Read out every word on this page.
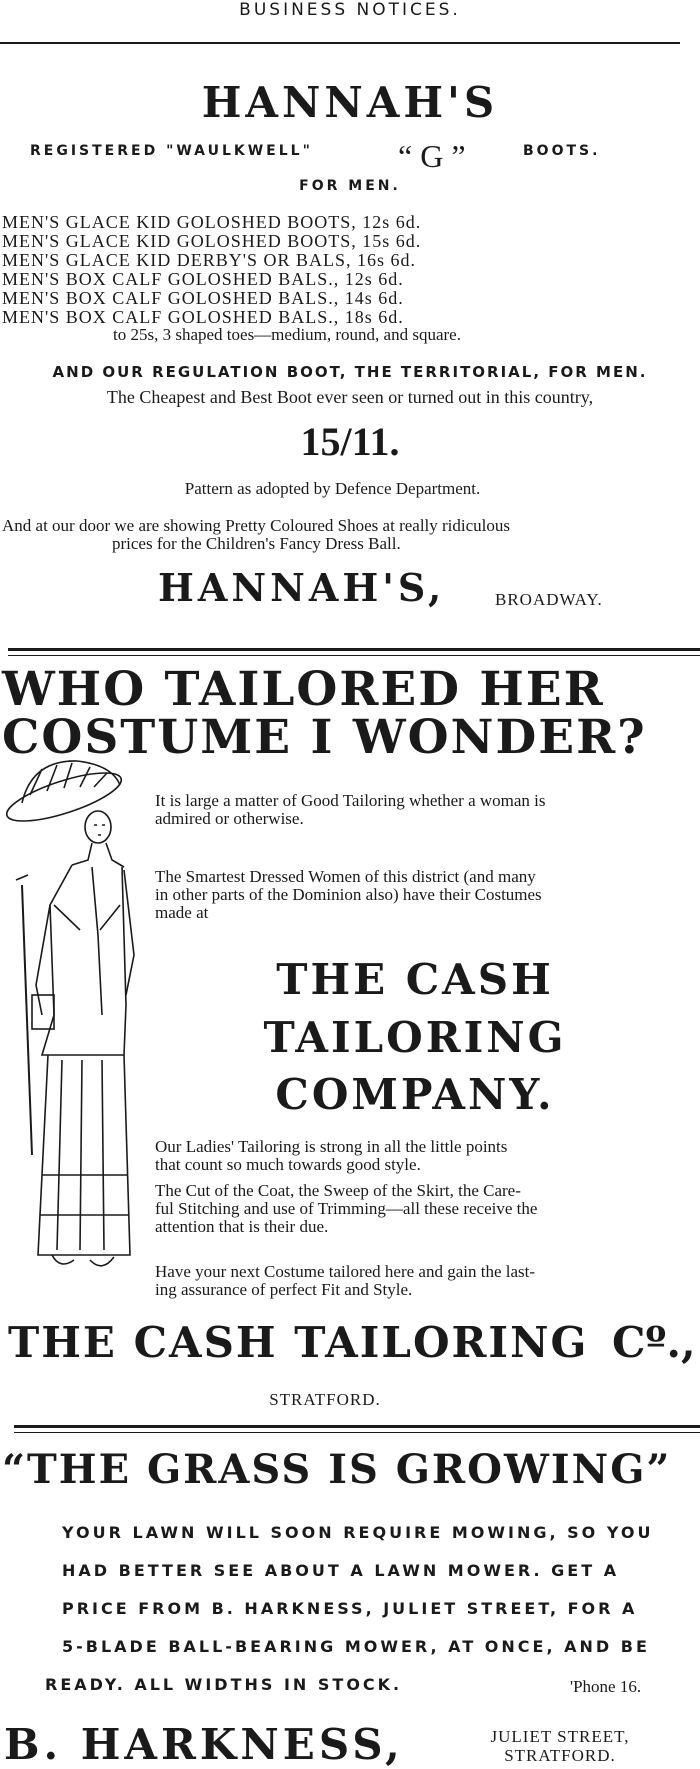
BUSINESS NOTICES.
HANNAH'S
REGISTERED "WAULKWELL"	“ G ”	BOOTS.
FOR MEN.
MEN'S GLACE KID GOLOSHED BOOTS, 12s 6d.
MEN'S GLACE KID GOLOSHED BOOTS, 15s 6d.
MEN'S GLACE KID DERBY'S OR BALS, 16s 6d.
MEN'S BOX CALF GOLOSHED BALS., 12s 6d.
MEN'S BOX CALF GOLOSHED BALS., 14s 6d.
MEN'S BOX CALF GOLOSHED BALS., 18s 6d.
to 25s, 3 shaped toes—medium, round, and square.
AND OUR REGULATION BOOT, THE TERRITORIAL, FOR MEN.
The Cheapest and Best Boot ever seen or turned out in this country,
15/11.
Pattern as adopted by Defence Department.
And at our door we are showing Pretty Coloured Shoes at really ridiculous
prices for the Children's Fancy Dress Ball.
HANNAH'S,	BROADWAY.
WHO TAILORED HER
COSTUME I WONDER?
It is large a matter of Good Tailoring whether a woman is
admired or otherwise.
The Smartest Dressed Women of this district (and many
in other parts of the Dominion also) have their Costumes
made at
THE CASH
TAILORING
COMPANY.
Our Ladies' Tailoring is strong in all the little points
that count so much towards good style.
The Cut of the Coat, the Sweep of the Skirt, the Care-
ful Stitching and use of Trimming—all these receive the
attention that is their due.
Have your next Costume tailored here and gain the last-
ing assurance of perfect Fit and Style.
THE CASH TAILORING Cº.,
STRATFORD.
“THE GRASS IS GROWING”
YOUR LAWN WILL SOON REQUIRE MOWING, SO YOU
HAD BETTER SEE ABOUT A LAWN MOWER. GET A
PRICE FROM B. HARKNESS, JULIET STREET, FOR A
5-BLADE BALL-BEARING MOWER, AT ONCE, AND BE
READY. ALL WIDTHS IN STOCK.	'Phone 16.
B. HARKNESS,	JULIET STREET,
STRATFORD.
